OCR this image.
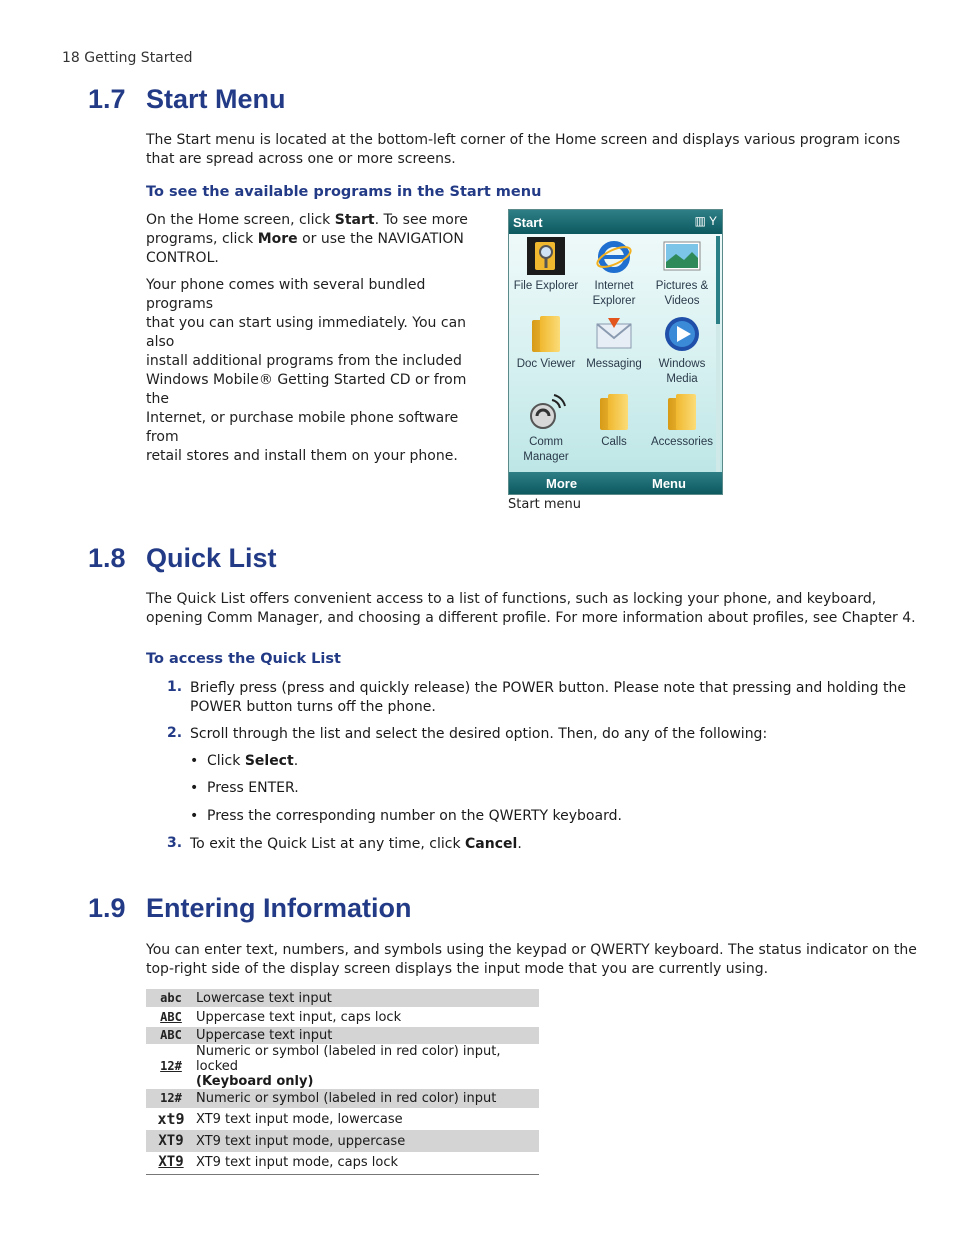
18 Getting Started
1.7 Start Menu
The Start menu is located at the bottom-left corner of the Home screen and displays various program icons
that are spread across one or more screens.
To see the available programs in the Start menu
On the Home screen, click Start. To see more
programs, click More or use the NAVIGATION
CONTROL.
Your phone comes with several bundled programs
that you can start using immediately. You can also
install additional programs from the included
Windows Mobile® Getting Started CD or from the
Internet, or purchase mobile phone software from
retail stores and install them on your phone.
Start	▥ Y
File Explorer	Internet
Explorer
Pictures &
Videos
Doc Viewer Messaging	Windows
Media
Comm
Manager
Calls	Accessories
More	Menu
Start menu
1.8 Quick List
The Quick List offers convenient access to a list of functions, such as locking your phone, and keyboard,
opening Comm Manager, and choosing a different profile. For more information about profiles, see Chapter 4.
To access the Quick List
1. Briefly press (press and quickly release) the POWER button. Please note that pressing and holding the
POWER button turns off the phone.
2. Scroll through the list and select the desired option. Then, do any of the following:
• Click Select.
• Press ENTER.
• Press the corresponding number on the QWERTY keyboard.
3. To exit the Quick List at any time, click Cancel.
1.9 Entering Information
You can enter text, numbers, and symbols using the keypad or QWERTY keyboard. The status indicator on the
top-right side of the display screen displays the input mode that you are currently using.
abc	Lowercase text input
ABC	Uppercase text input, caps lock
ABC	Uppercase text input
12#	Numeric or symbol (labeled in red color) input, locked
(Keyboard only)

12#	Numeric or symbol (labeled in red color) input
xt9	XT9 text input mode, lowercase
XT9	XT9 text input mode, uppercase
XT9	XT9 text input mode, caps lock
